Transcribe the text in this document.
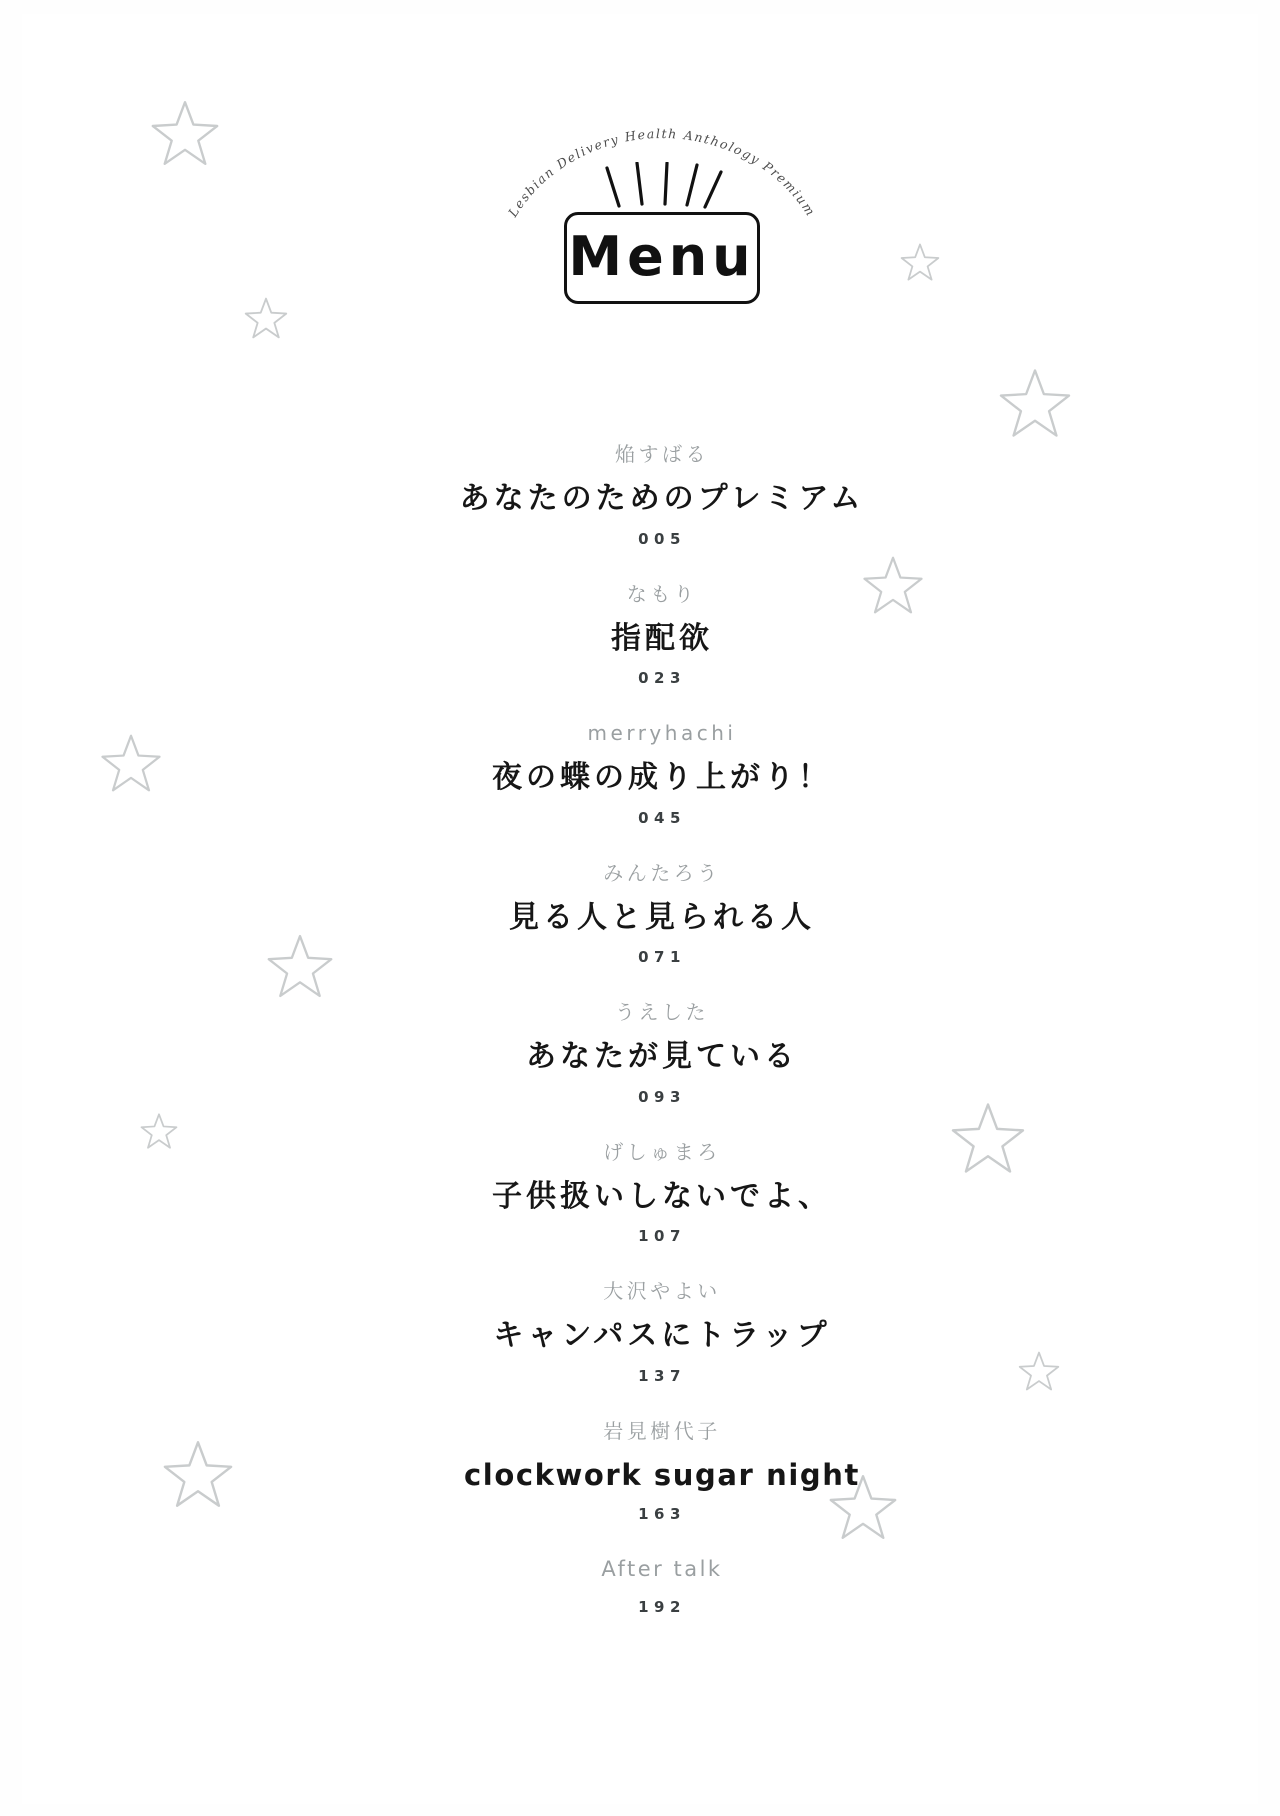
Lesbian Delivery Health Anthology Premium
Menu
焔すばる
あなたのためのプレミアム
005
なもり
指配欲
023
merryhachi
夜の蝶の成り上がり！
045
みんたろう
見る人と見られる人
071
うえした
あなたが見ている
093
げしゅまろ
子供扱いしないでよ、
107
大沢やよい
キャンパスにトラップ
137
岩見樹代子
clockwork sugar night
163
After talk
192
